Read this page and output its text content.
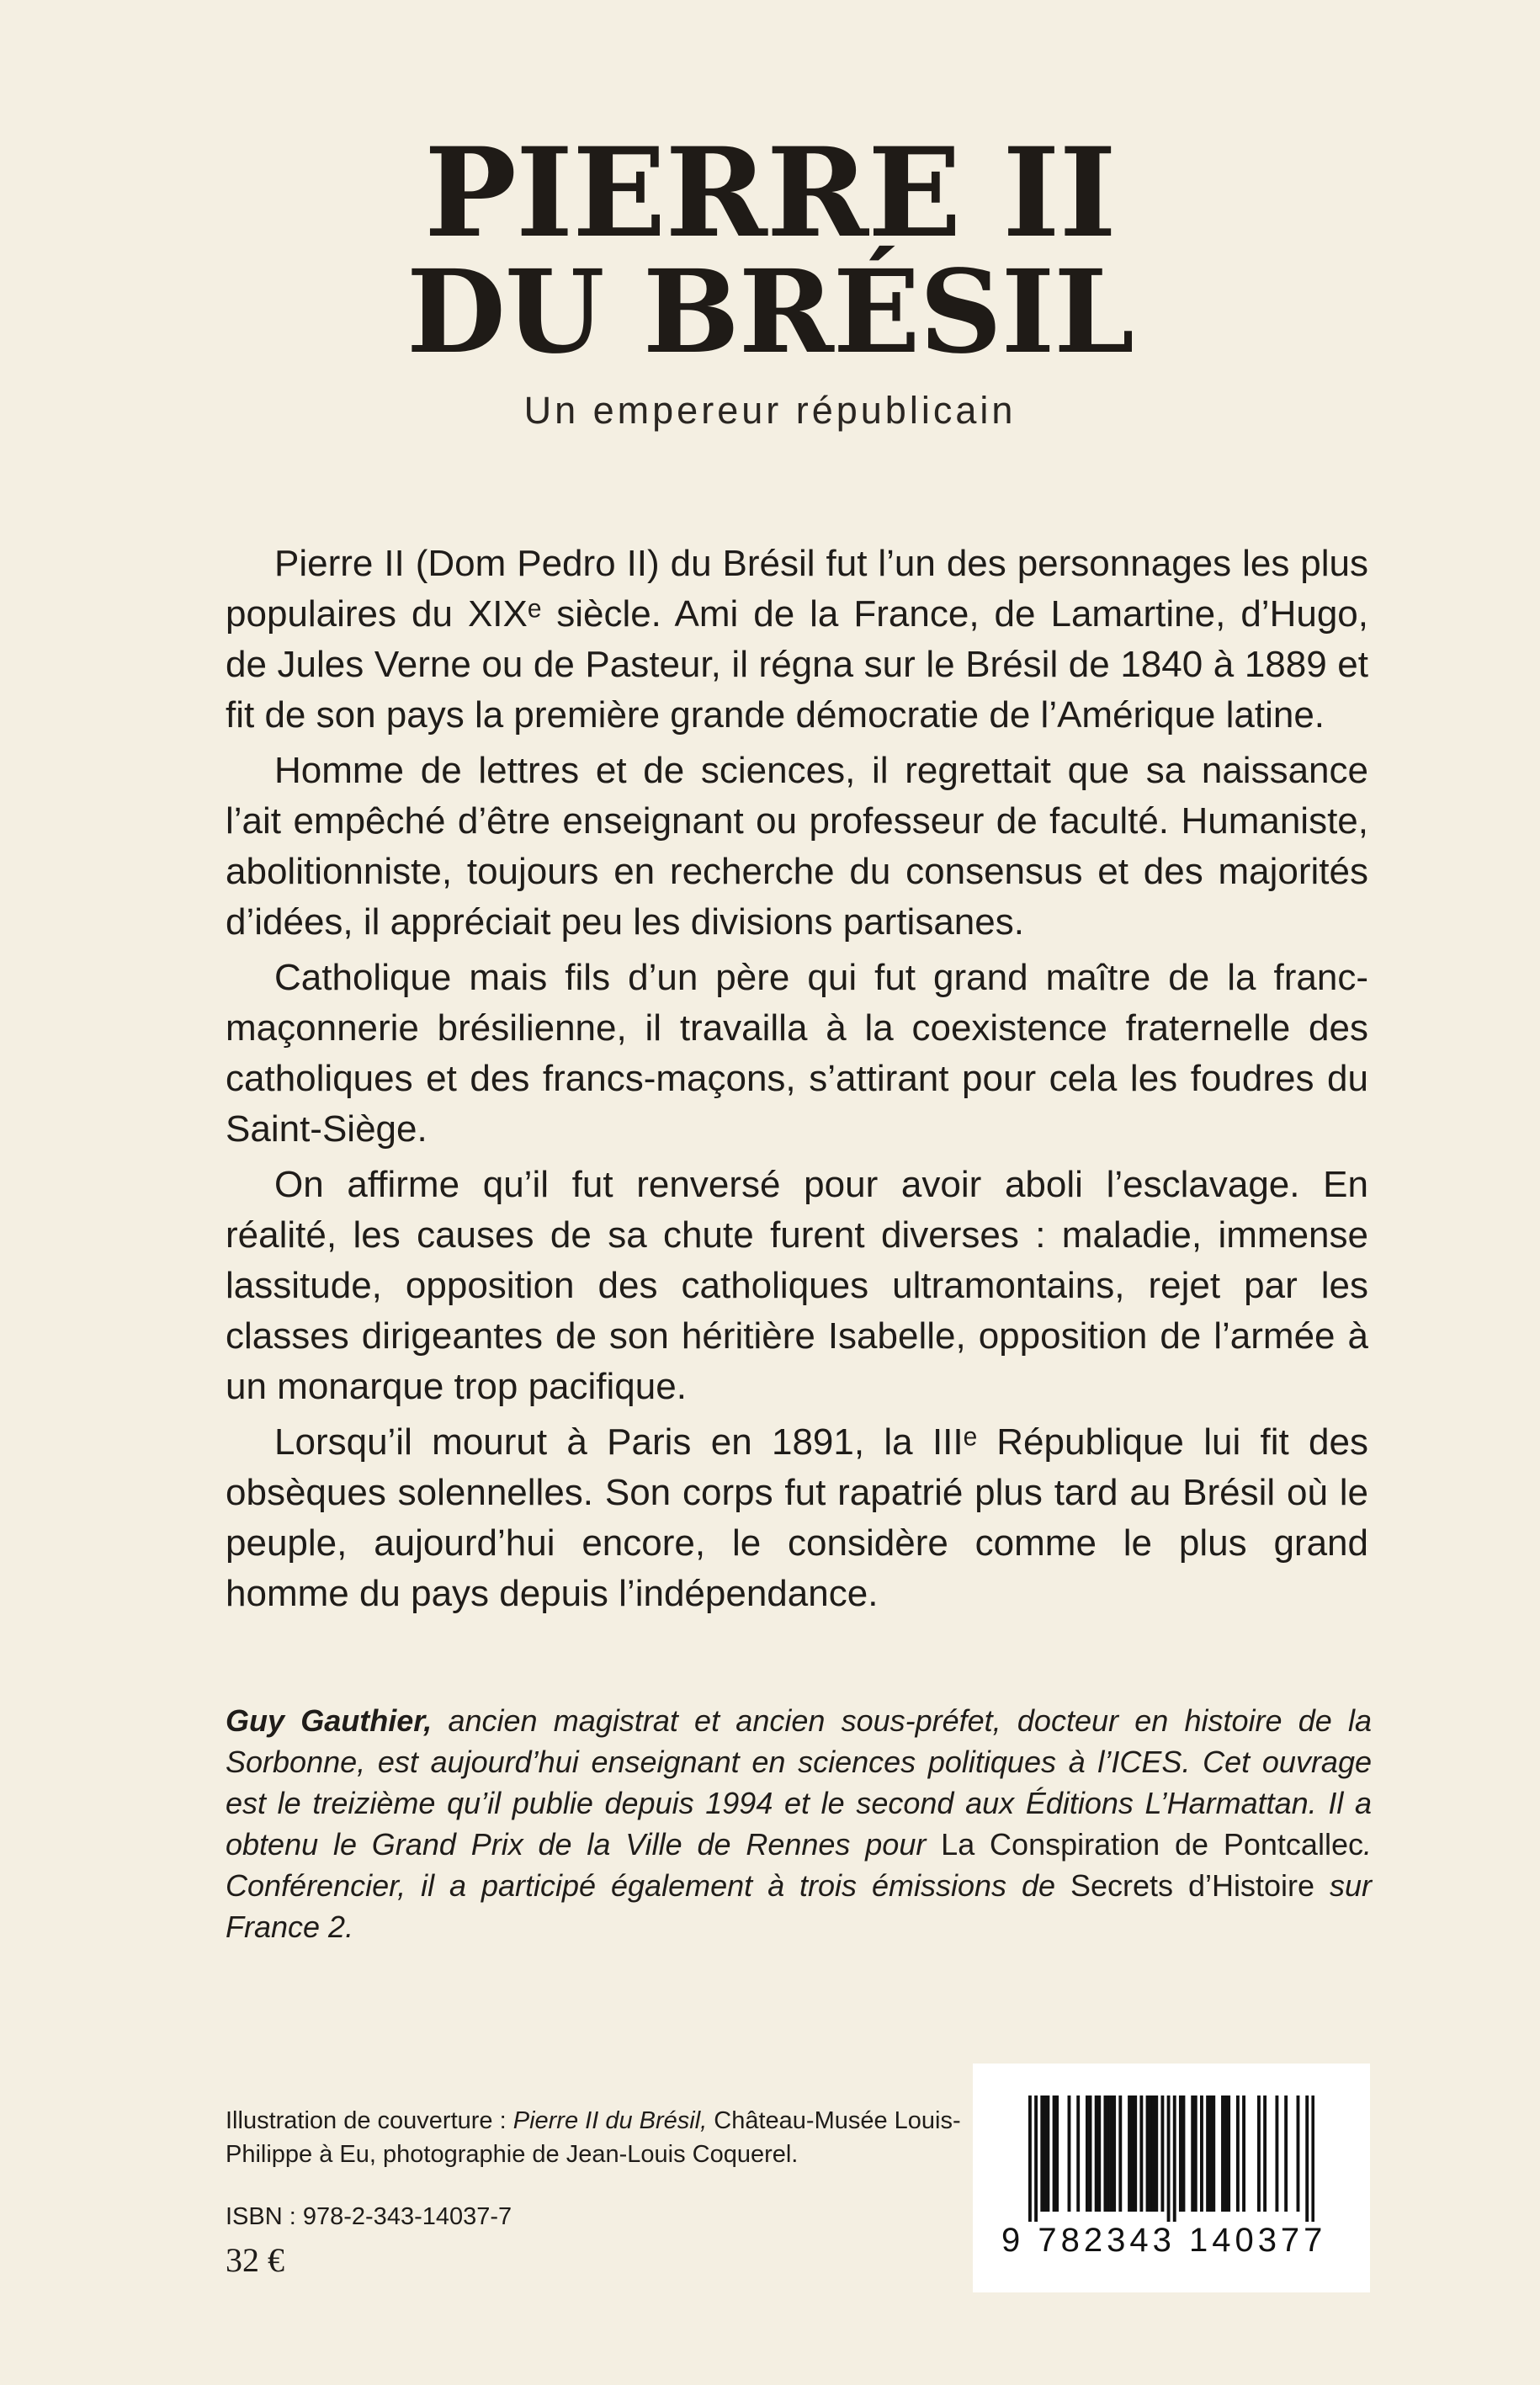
PIERRE II
DU BRÉSIL

Un empereur républicain

Pierre II (Dom Pedro II) du Brésil fut l’un des personnages les plus populaires du XIXᵉ siècle. Ami de la France, de Lamartine, d’Hugo, de Jules Verne ou de Pasteur, il régna sur le Brésil de 1840 à 1889 et fit de son pays la première grande démocratie de l’Amérique latine.

Homme de lettres et de sciences, il regrettait que sa naissance l’ait empêché d’être enseignant ou professeur de faculté. Humaniste, abolitionniste, toujours en recherche du consensus et des majorités d’idées, il appréciait peu les divisions partisanes.

Catholique mais fils d’un père qui fut grand maître de la franc-maçonnerie brésilienne, il travailla à la coexistence fraternelle des catholiques et des francs-maçons, s’attirant pour cela les foudres du Saint-Siège.

On affirme qu’il fut renversé pour avoir aboli l’esclavage. En réalité, les causes de sa chute furent diverses : maladie, immense lassitude, opposition des catholiques ultramontains, rejet par les classes dirigeantes de son héritière Isabelle, opposition de l’armée à un monarque trop pacifique.

Lorsqu’il mourut à Paris en 1891, la IIIᵉ République lui fit des obsèques solennelles. Son corps fut rapatrié plus tard au Brésil où le peuple, aujourd’hui encore, le considère comme le plus grand homme du pays depuis l’indépendance.

Guy Gauthier, ancien magistrat et ancien sous-préfet, docteur en histoire de la Sorbonne, est aujourd’hui enseignant en sciences politiques à l’ICES. Cet ouvrage est le treizième qu’il publie depuis 1994 et le second aux Éditions L’Harmattan. Il a obtenu le Grand Prix de la Ville de Rennes pour La Conspiration de Pontcallec. Conférencier, il a participé également à trois émissions de Secrets d’Histoire sur France 2.

Illustration de couverture : Pierre II du Brésil, Château-Musée Louis-Philippe à Eu, photographie de Jean-Louis Coquerel.

ISBN : 978-2-343-14037-7

32 €

9 782343 140377
